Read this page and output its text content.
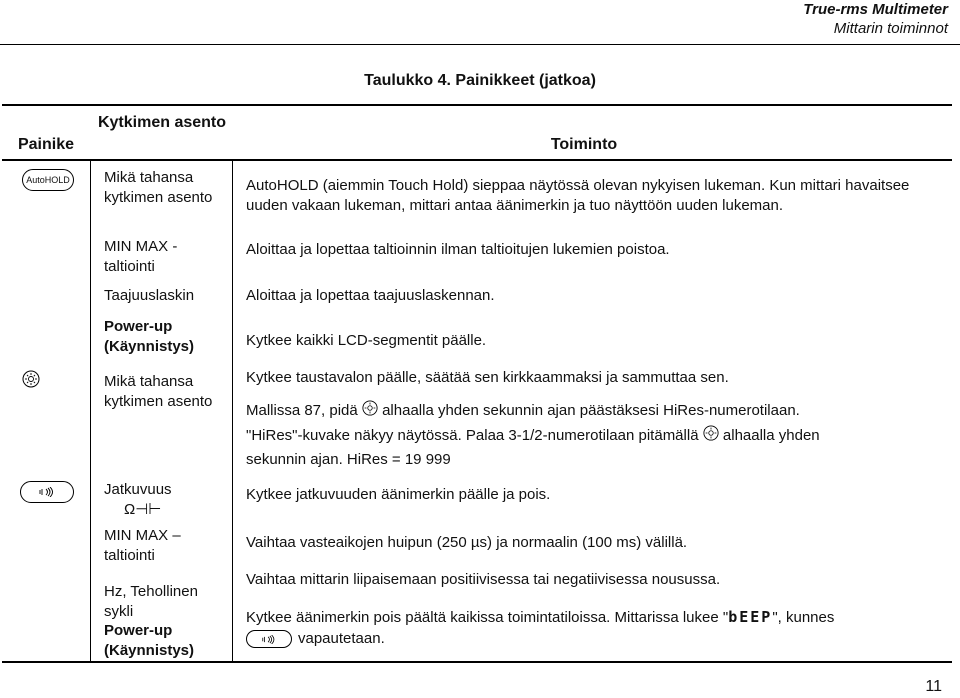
True-rms Multimeter
Mittarin toiminnot
Taulukko 4. Painikkeet (jatkoa)
Painike
Kytkimen asento
Toiminto
AutoHOLD Mikä tahansa kytkimen asento
AutoHOLD (aiemmin Touch Hold) sieppaa näytössä olevan nykyisen lukeman. Kun mittari havaitsee uuden vakaan lukeman, mittari antaa äänimerkin ja tuo näyttöön uuden lukeman.
MIN MAX -taltiointi
Aloittaa ja lopettaa taltioinnin ilman taltioitujen lukemien poistoa.
Taajuuslaskin	Aloittaa ja lopettaa taajuuslaskennan.
Power-up (Käynnistys)	Kytkee kaikki LCD-segmentit päälle.
Mikä tahansa kytkimen asento
Kytkee taustavalon päälle, säätää sen kirkkaammaksi ja sammuttaa sen.
Mallissa 87, pidä alhaalla yhden sekunnin ajan päästäksesi HiRes-numerotilaan.
"HiRes"-kuvake näkyy näytössä. Palaa 3-1/2-numerotilaan pitämällä alhaalla yhden
sekunnin ajan. HiRes = 19 999
Jatkuvuus
Ω⊣⊢
Kytkee jatkuvuuden äänimerkin päälle ja pois.
MIN MAX –taltiointi
Vaihtaa vasteaikojen huipun (250 µs) ja normaalin (100 ms) välillä.
Hz, Tehollinen sykli
Vaihtaa mittarin liipaisemaan positiivisessa tai negatiivisessa nousussa.
Power-up (Käynnistys)
Kytkee äänimerkin pois päältä kaikissa toimintatiloissa. Mittarissa lukee "bEEP", kunnes
vapautetaan.
11
